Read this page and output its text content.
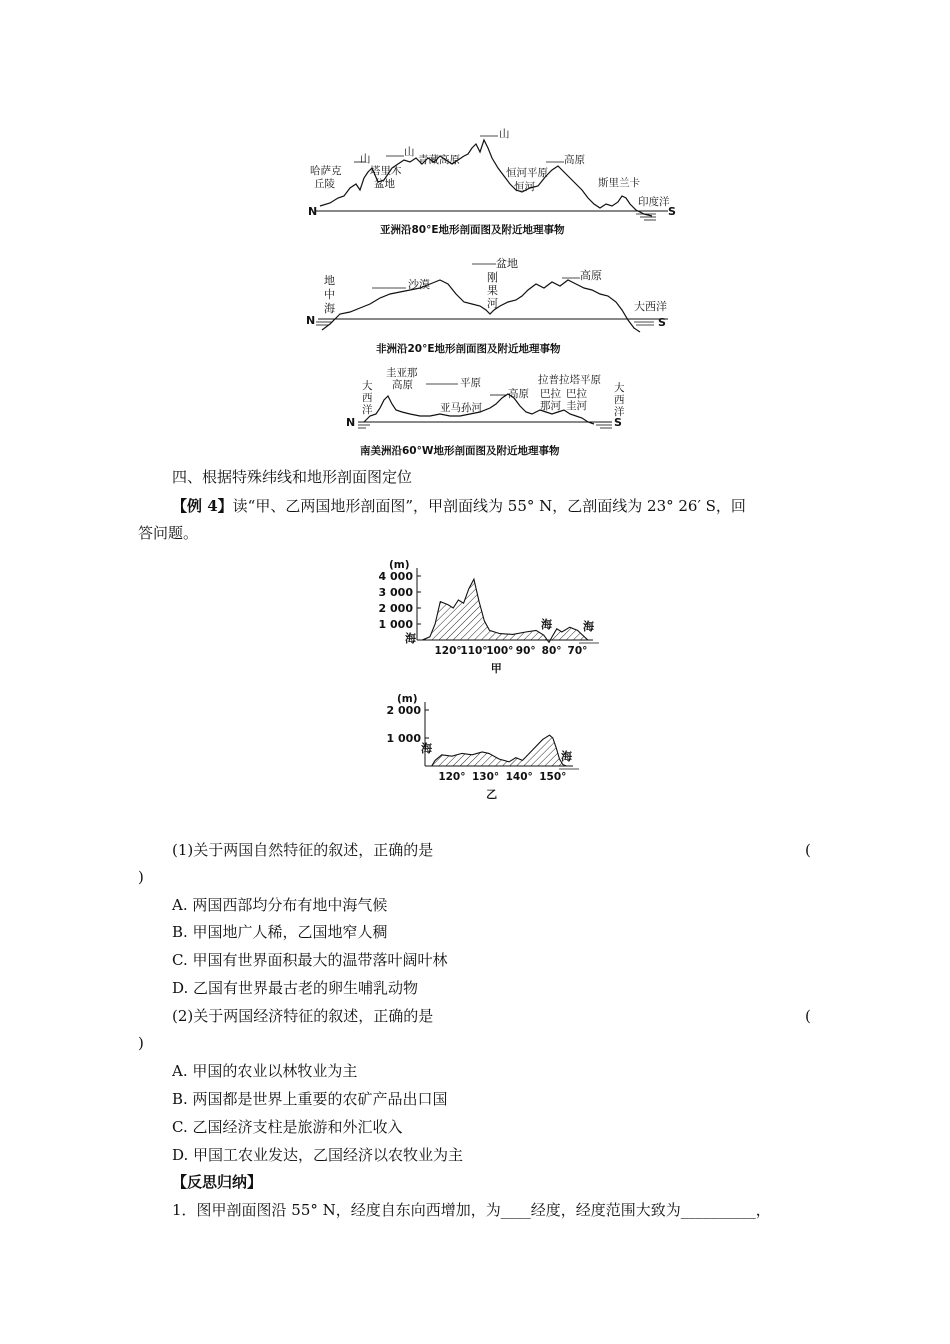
哈萨克
丘陵
山
塔里木
盆地
山
青藏高原
山
恒河平原
恒河
高原
斯里兰卡
印度洋
N	S
亚洲沿80°E地形剖面图及附近地理事物
地
中
海
沙漠
盆地
刚
果
河
高原
大西洋
N	S
非洲沿20°E地形剖面图及附近地理事物
大
西
洋
圭亚那
高原	平原
亚马孙河
高原
拉普拉塔平原
巴拉
那河
巴拉
圭河
大
西
洋
N	S
南美洲沿60°W地形剖面图及附近地理事物
四、根据特殊纬线和地形剖面图定位
【例 4】读“甲、乙两国地形剖面图”，甲剖面线为 55° N，乙剖面线为 23° 26′ S，回
答问题。
4 000
3 000
2 000
1 000
(m)
120°
110°
100° 90° 80° 70°
甲
海	海
海
2 000
1 000
(m)
120° 130° 140° 150°
乙
海
海
(1)关于两国自然特征的叙述，正确的是	(
)
A. 两国西部均分布有地中海气候
B. 甲国地广人稀，乙国地窄人稠
C. 甲国有世界面积最大的温带落叶阔叶林
D. 乙国有世界最古老的卵生哺乳动物
(2)关于两国经济特征的叙述，正确的是	(
)
A. 甲国的农业以林牧业为主
B. 两国都是世界上重要的农矿产品出口国
C. 乙国经济支柱是旅游和外汇收入
D. 甲国工农业发达，乙国经济以农牧业为主
【反思归纳】
1．图甲剖面图沿 55° N，经度自东向西增加，为____经度，经度范围大致为__________，
